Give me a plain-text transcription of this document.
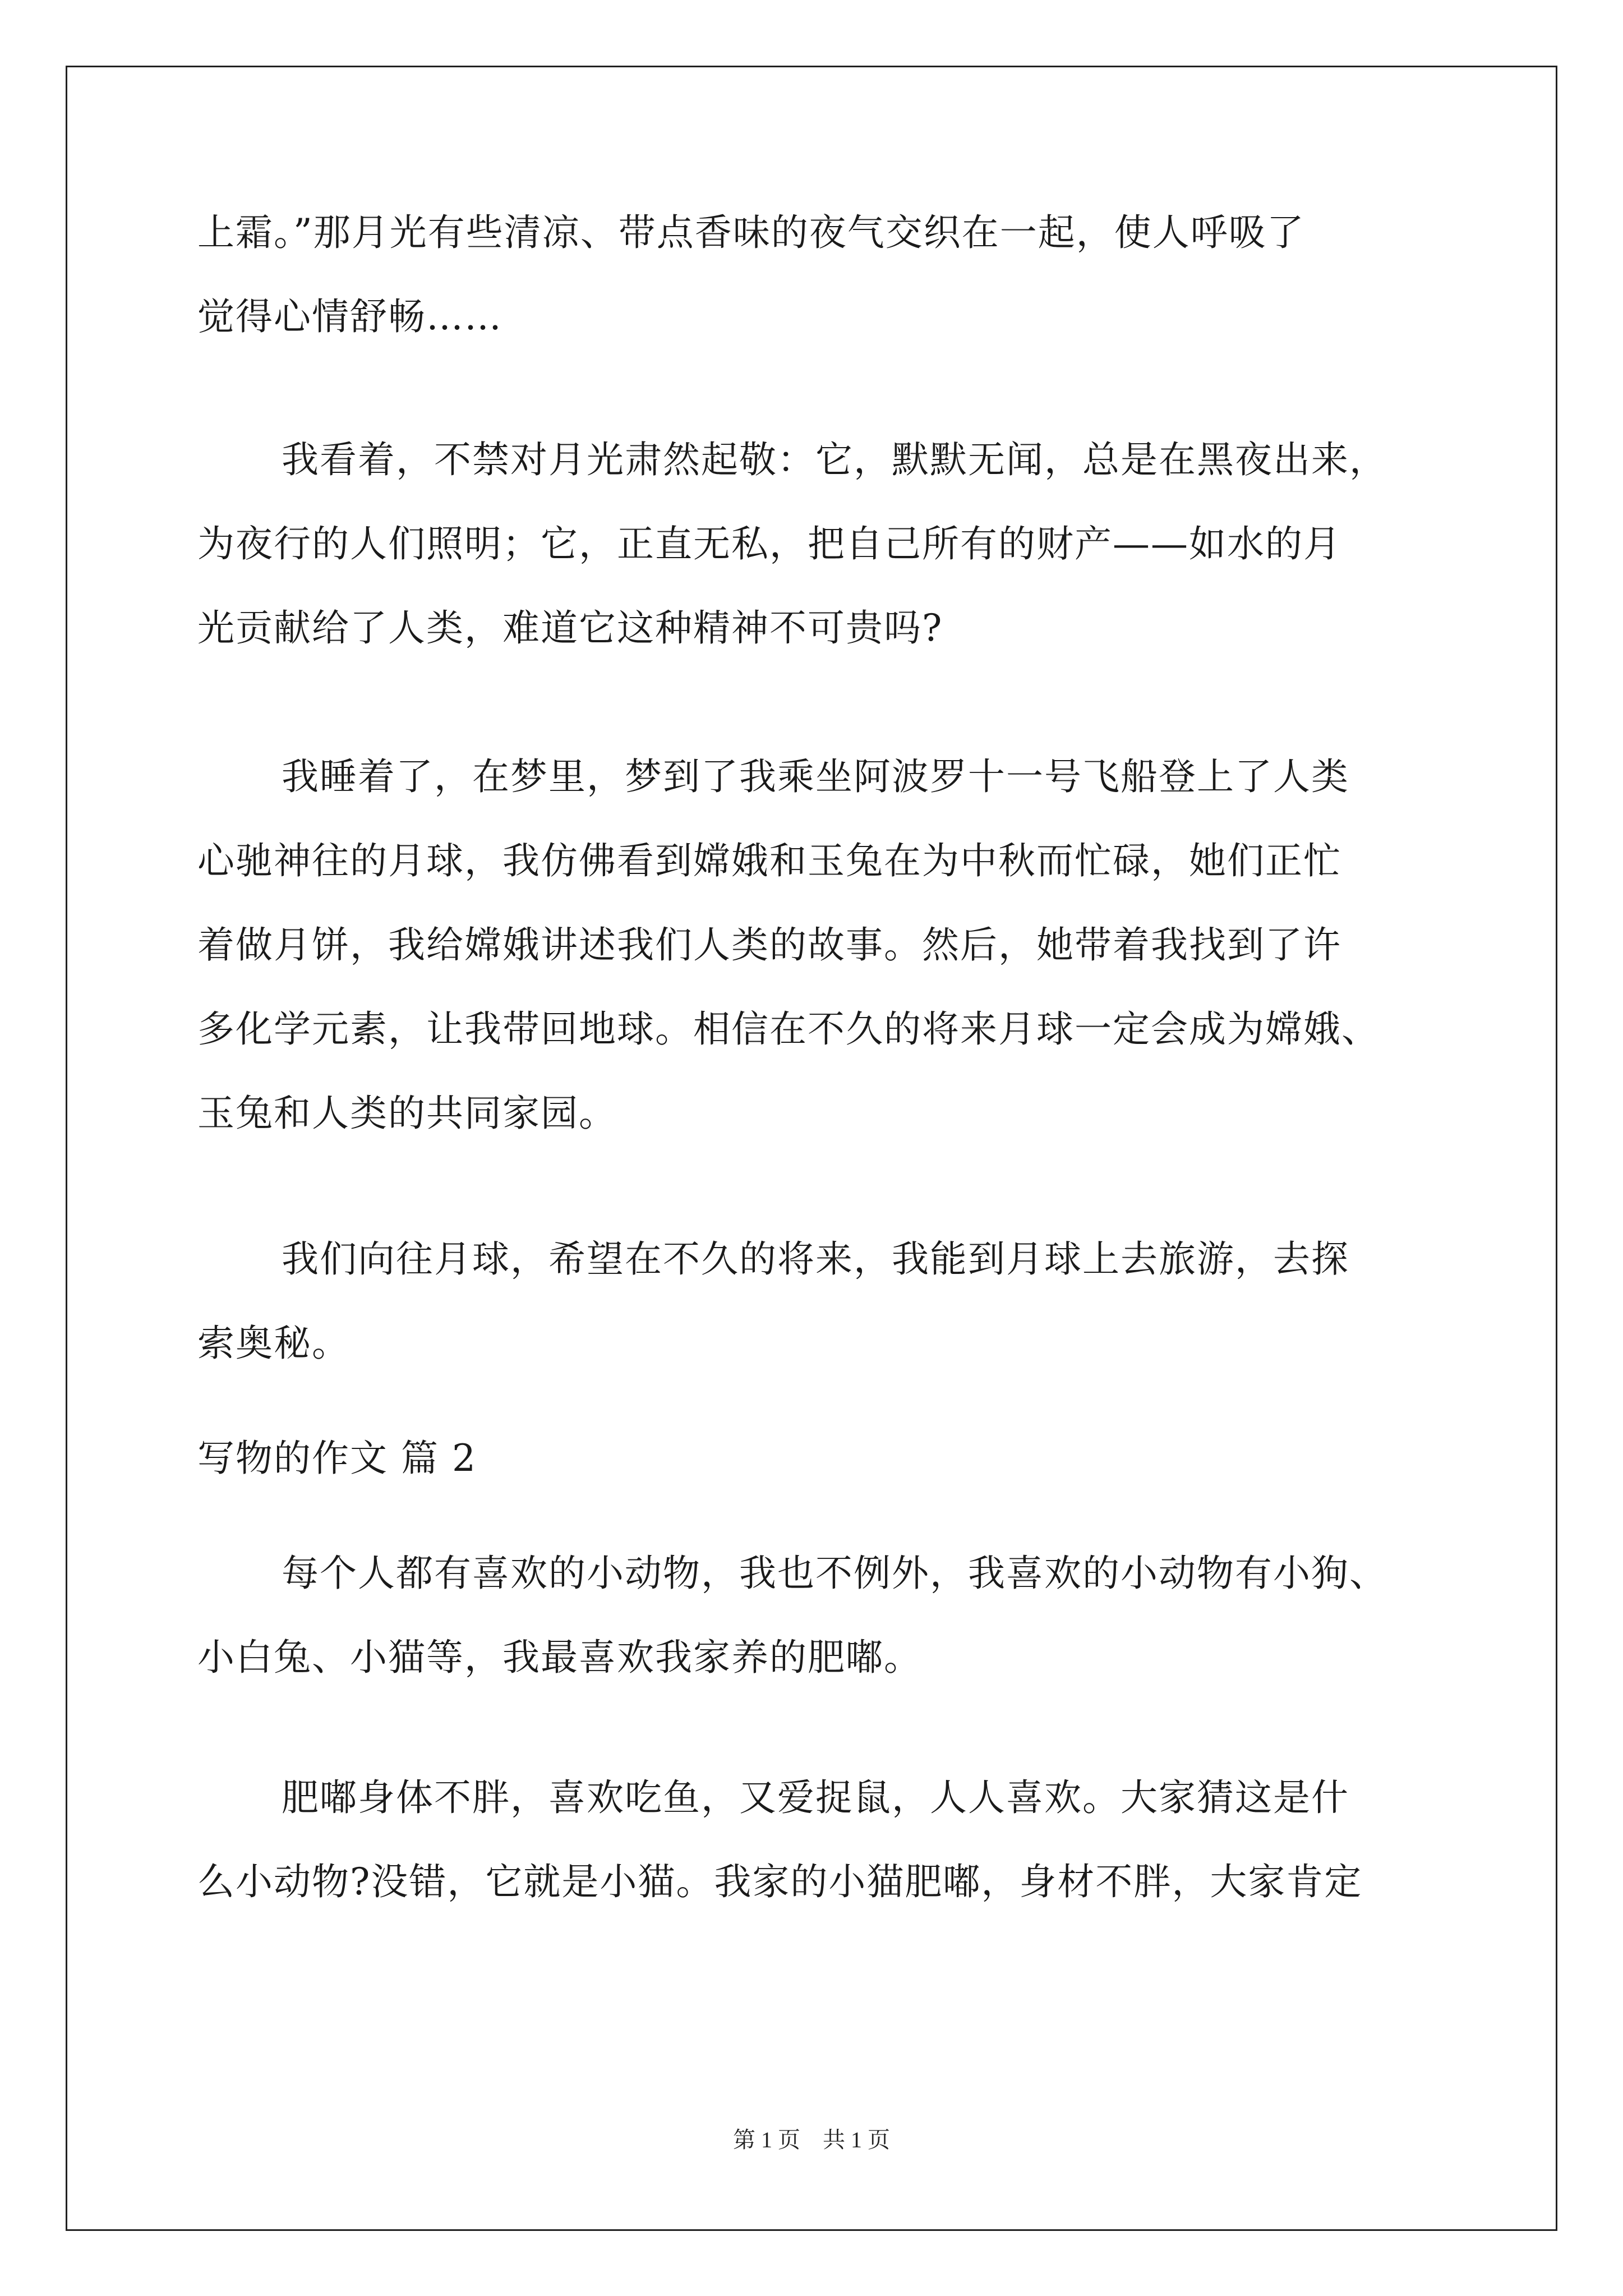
上霜。”那月光有些清凉、带点香味的夜气交织在一起，使人呼吸了
觉得心情舒畅……
我看着，不禁对月光肃然起敬：它，默默无闻，总是在黑夜出来，
为夜行的人们照明；它，正直无私，把自己所有的财产——如水的月
光贡献给了人类，难道它这种精神不可贵吗?
我睡着了，在梦里，梦到了我乘坐阿波罗十一号飞船登上了人类
心驰神往的月球，我仿佛看到嫦娥和玉兔在为中秋而忙碌，她们正忙
着做月饼，我给嫦娥讲述我们人类的故事。然后，她带着我找到了许
多化学元素，让我带回地球。相信在不久的将来月球一定会成为嫦娥、
玉兔和人类的共同家园。
我们向往月球，希望在不久的将来，我能到月球上去旅游，去探
索奥秘。
写物的作文 篇 2
每个人都有喜欢的小动物，我也不例外，我喜欢的小动物有小狗、
小白兔、小猫等，我最喜欢我家养的肥嘟。
肥嘟身体不胖，喜欢吃鱼，又爱捉鼠，人人喜欢。大家猜这是什
么小动物?没错，它就是小猫。我家的小猫肥嘟，身材不胖，大家肯定
第 1 页　共 1 页
